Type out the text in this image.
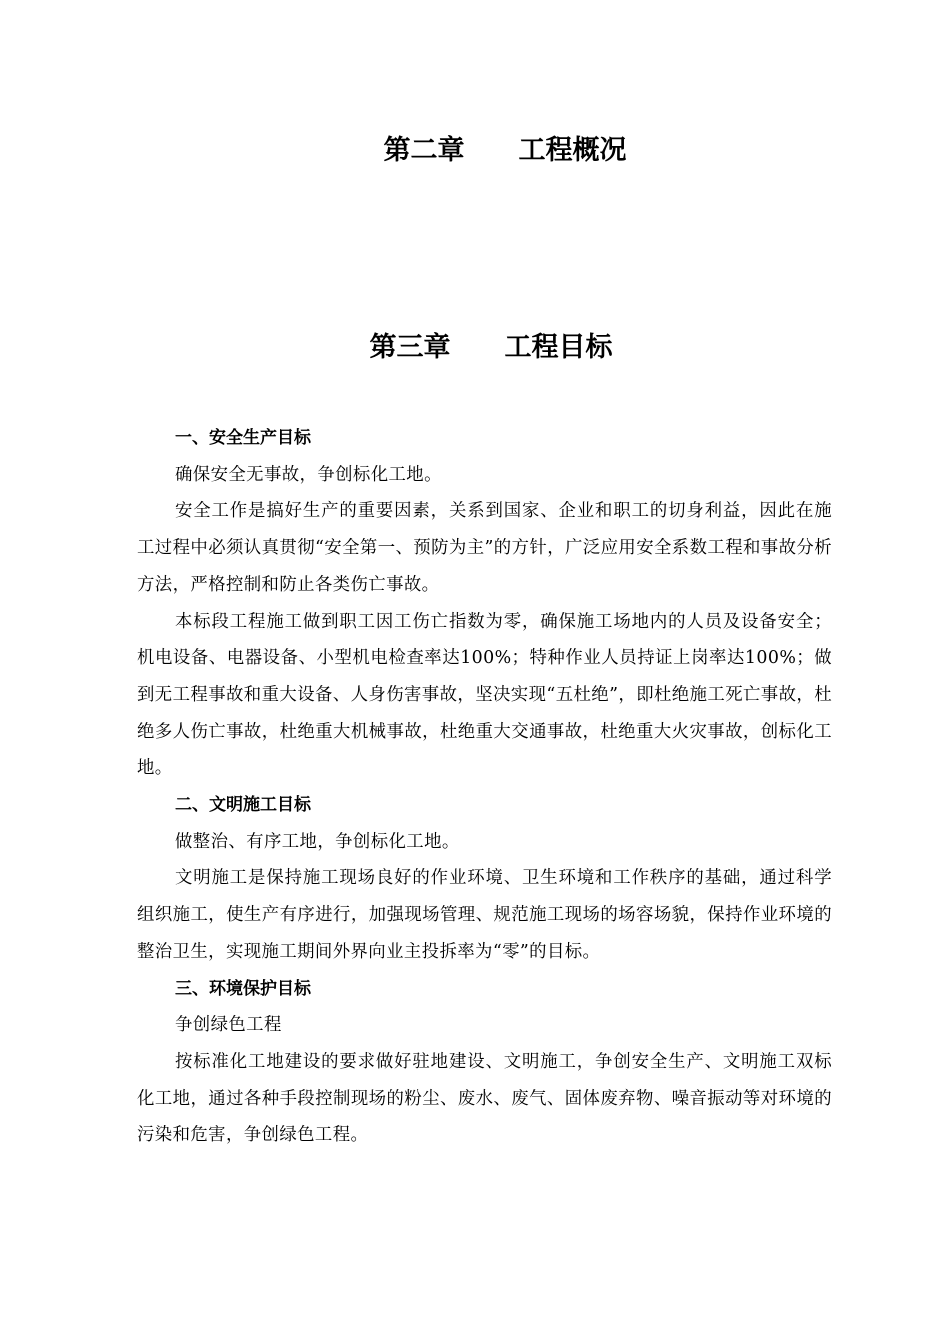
第二章　　工程概况
第三章　　工程目标

一、安全生产目标

确保安全无事故，争创标化工地。

安全工作是搞好生产的重要因素，关系到国家、企业和职工的切身利益，因此在施工过程中必须认真贯彻“安全第一、预防为主”的方针，广泛应用安全系数工程和事故分析方法，严格控制和防止各类伤亡事故。

本标段工程施工做到职工因工伤亡指数为零，确保施工场地内的人员及设备安全；机电设备、电器设备、小型机电检查率达100%；特种作业人员持证上岗率达100%；做到无工程事故和重大设备、人身伤害事故，坚决实现“五杜绝”，即杜绝施工死亡事故，杜绝多人伤亡事故，杜绝重大机械事故，杜绝重大交通事故，杜绝重大火灾事故，创标化工地。

二、文明施工目标

做整治、有序工地，争创标化工地。

文明施工是保持施工现场良好的作业环境、卫生环境和工作秩序的基础，通过科学组织施工，使生产有序进行，加强现场管理、规范施工现场的场容场貌，保持作业环境的整治卫生，实现施工期间外界向业主投拆率为“零”的目标。

三、环境保护目标

争创绿色工程

按标准化工地建设的要求做好驻地建设、文明施工，争创安全生产、文明施工双标化工地，通过各种手段控制现场的粉尘、废水、废气、固体废弃物、噪音振动等对环境的污染和危害，争创绿色工程。
